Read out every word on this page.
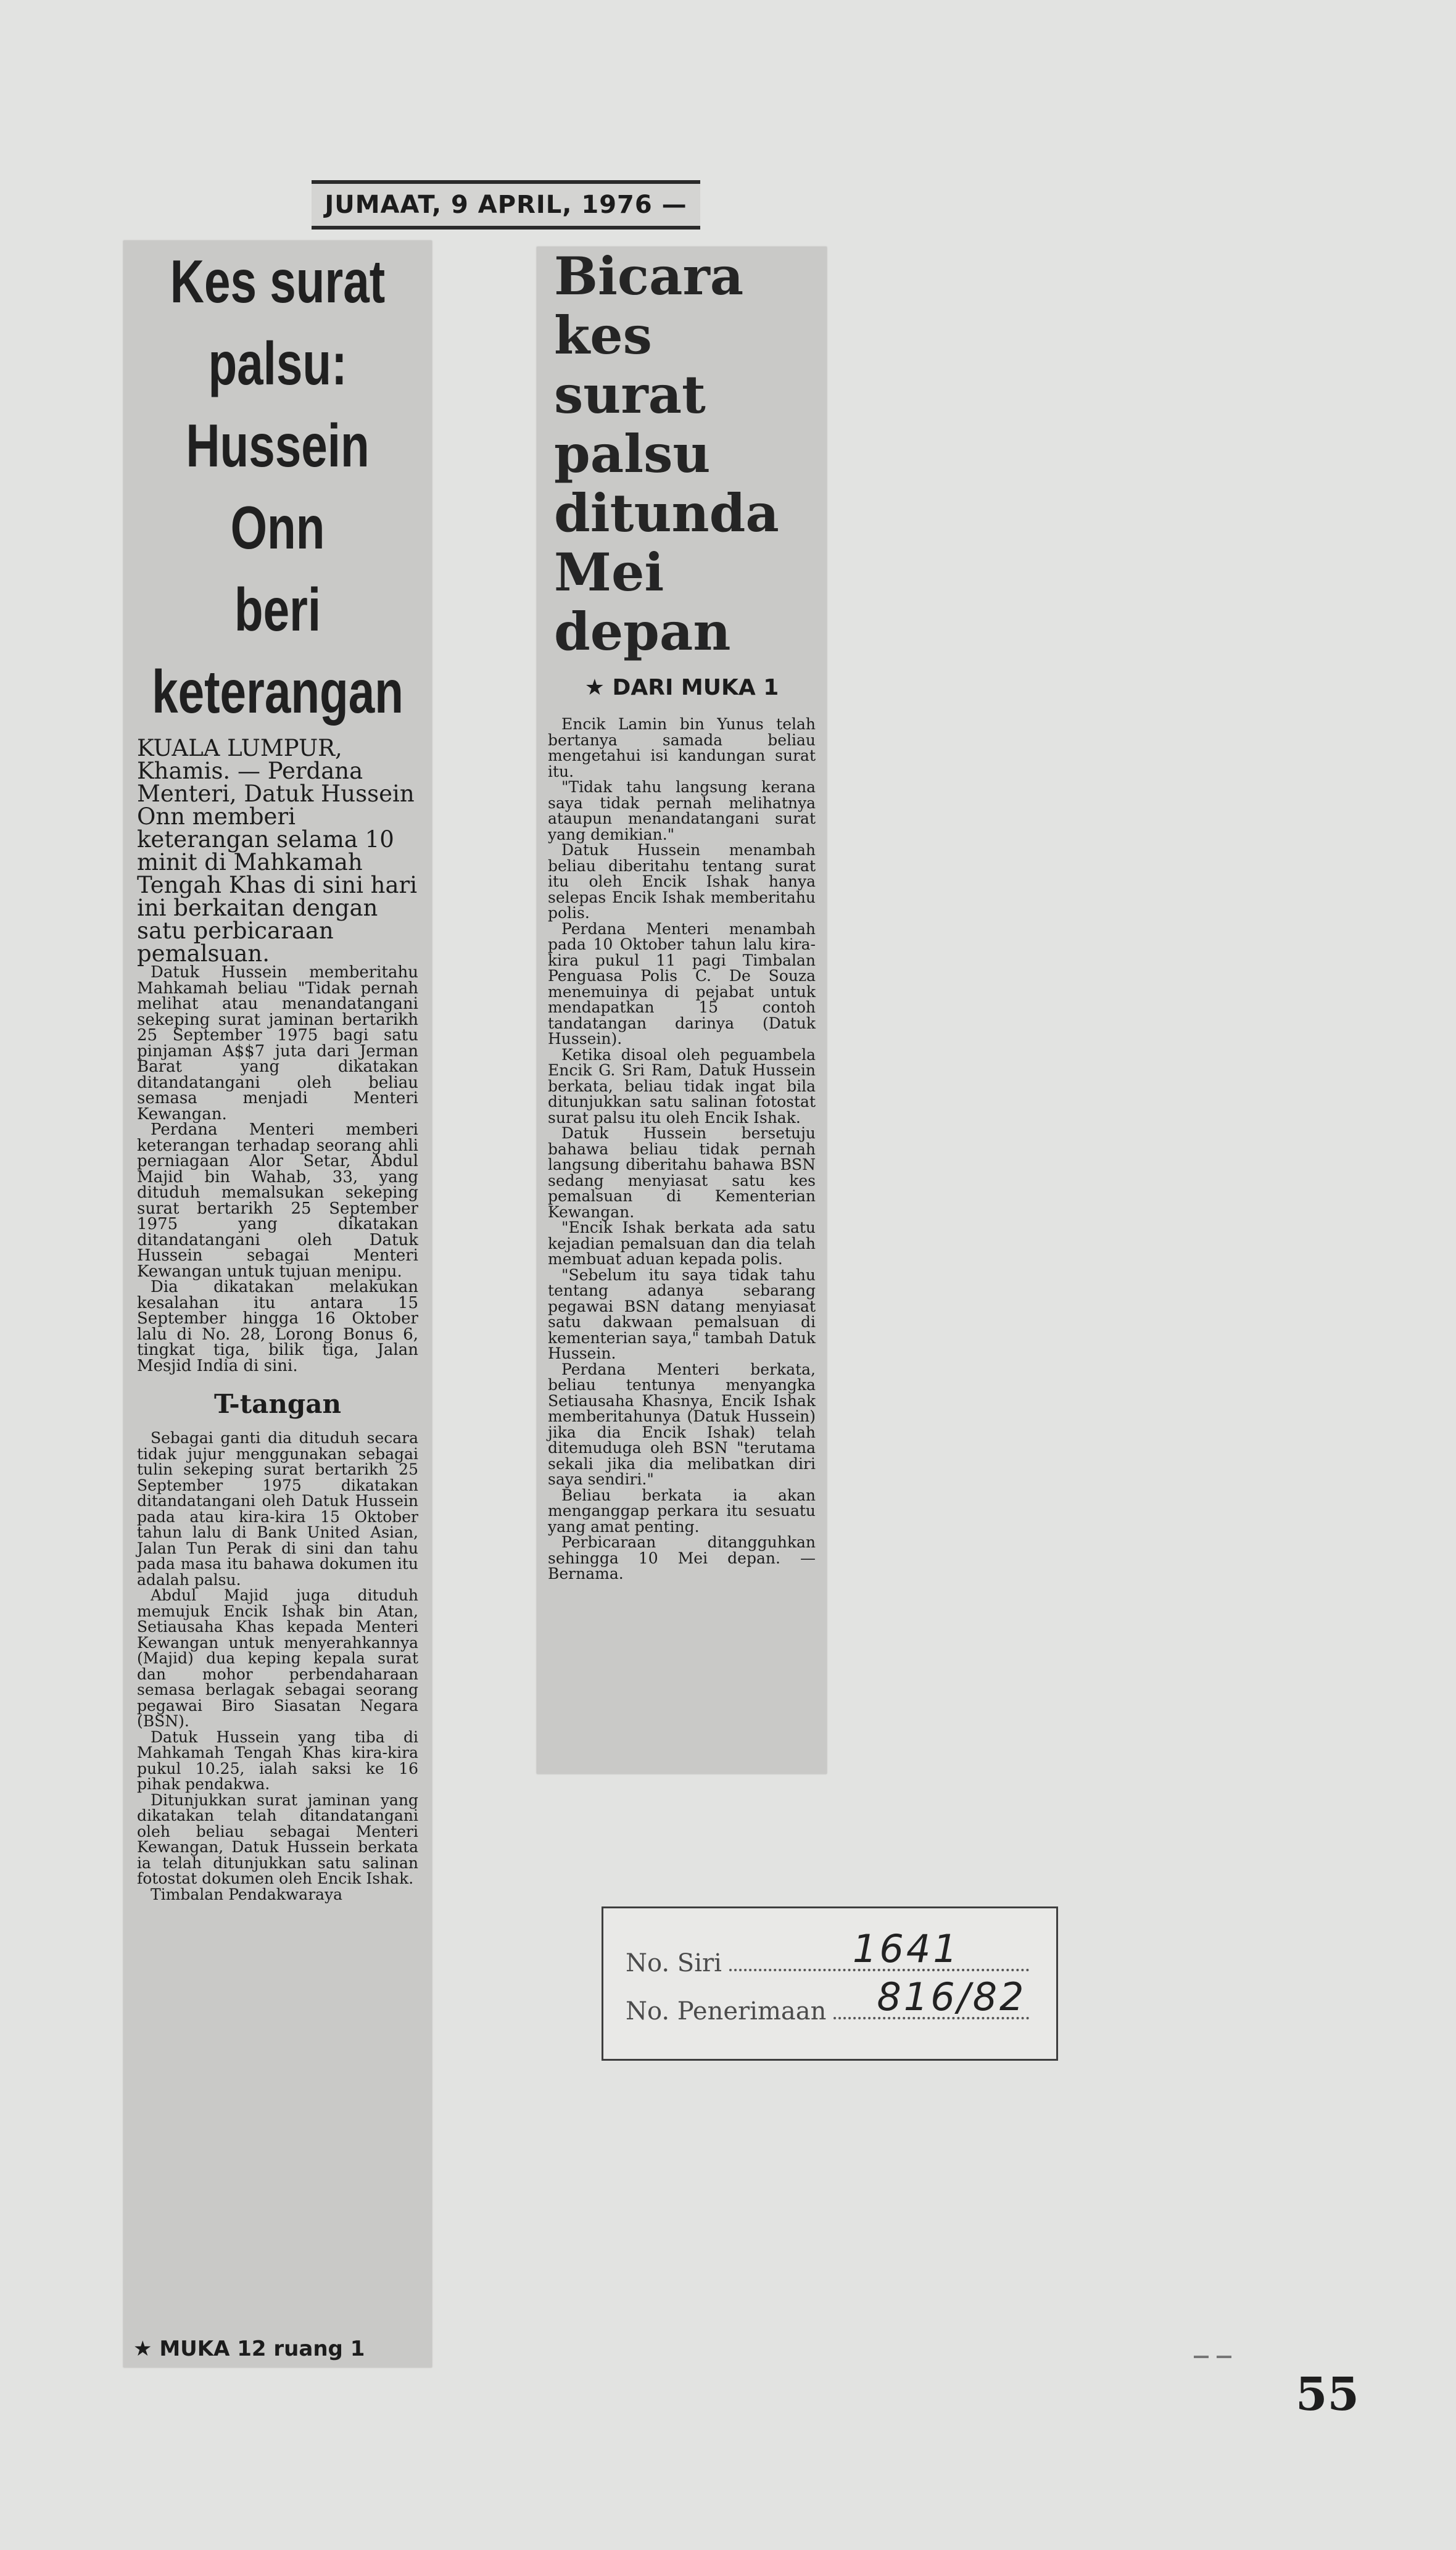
JUMAAT, 9 APRIL, 1976 —
Kes surat
palsu:
Hussein
Onn
beri
keterangan
KUALA LUMPUR, Khamis. — Perdana Menteri, Datuk Hussein Onn memberi keterangan selama 10 minit di Mahkamah Tengah Khas di sini hari ini berkaitan dengan satu perbicaraan pemalsuan.

Datuk Hussein memberitahu Mahkamah beliau "Tidak pernah melihat atau menandatangani sekeping surat jaminan bertarikh 25 September 1975 bagi satu pinjaman A$$7 juta dari Jerman Barat yang dikatakan ditandatangani oleh beliau semasa menjadi Menteri Kewangan.

Perdana Menteri memberi keterangan terhadap seorang ahli perniagaan Alor Setar, Abdul Majid bin Wahab, 33, yang dituduh memalsukan sekeping surat bertarikh 25 September 1975 yang dikatakan ditandatangani oleh Datuk Hussein sebagai Menteri Kewangan untuk tujuan menipu.

Dia dikatakan melakukan kesalahan itu antara 15 September hingga 16 Oktober lalu di No. 28, Lorong Bonus 6, tingkat tiga, bilik tiga, Jalan Mesjid India di sini.

T-tangan

Sebagai ganti dia dituduh secara tidak jujur menggunakan sebagai tulin sekeping surat bertarikh 25 September 1975 dikatakan ditandatangani oleh Datuk Hussein pada atau kira-kira 15 Oktober tahun lalu di Bank United Asian, Jalan Tun Perak di sini dan tahu pada masa itu bahawa dokumen itu adalah palsu.

Abdul Majid juga dituduh memujuk Encik Ishak bin Atan, Setiausaha Khas kepada Menteri Kewangan untuk menyerahkannya (Majid) dua keping kepala surat dan mohor perbendaharaan semasa berlagak sebagai seorang pegawai Biro Siasatan Negara (BSN).

Datuk Hussein yang tiba di Mahkamah Tengah Khas kira-kira pukul 10.25, ialah saksi ke 16 pihak pendakwa.

Ditunjukkan surat jaminan yang dikatakan telah ditandatangani oleh beliau sebagai Menteri Kewangan, Datuk Hussein berkata ia telah ditunjukkan satu salinan fotostat dokumen oleh Encik Ishak.

Timbalan Pendakwaraya

★ MUKA 12 ruang 1
Bicara
kes
surat
palsu
ditunda
Mei
depan
★ DARI MUKA 1

Encik Lamin bin Yunus telah bertanya samada beliau mengetahui isi kandungan surat itu.

"Tidak tahu langsung kerana saya tidak pernah melihatnya ataupun menandatangani surat yang demikian."

Datuk Hussein menambah beliau diberitahu tentang surat itu oleh Encik Ishak hanya selepas Encik Ishak memberitahu polis.

Perdana Menteri menambah pada 10 Oktober tahun lalu kira-kira pukul 11 pagi Timbalan Penguasa Polis C. De Souza menemuinya di pejabat untuk mendapatkan 15 contoh tandatangan darinya (Datuk Hussein).

Ketika disoal oleh peguambela Encik G. Sri Ram, Datuk Hussein berkata, beliau tidak ingat bila ditunjukkan satu salinan fotostat surat palsu itu oleh Encik Ishak.

Datuk Hussein bersetuju bahawa beliau tidak pernah langsung diberitahu bahawa BSN sedang menyiasat satu kes pemalsuan di Kementerian Kewangan.

"Encik Ishak berkata ada satu kejadian pemalsuan dan dia telah membuat aduan kepada polis.

"Sebelum itu saya tidak tahu tentang adanya sebarang pegawai BSN datang menyiasat satu dakwaan pemalsuan di kementerian saya," tambah Datuk Hussein.

Perdana Menteri berkata, beliau tentunya menyangka Setiausaha Khasnya, Encik Ishak memberitahunya (Datuk Hussein) jika dia Encik Ishak) telah ditemuduga oleh BSN "terutama sekali jika dia melibatkan diri saya sendiri."

Beliau berkata ia akan menganggap perkara itu sesuatu yang amat penting.

Perbicaraan ditangguhkan sehingga 10 Mei depan. — Bernama.

No. Siri	1641
No. Penerimaan 816/82
55
